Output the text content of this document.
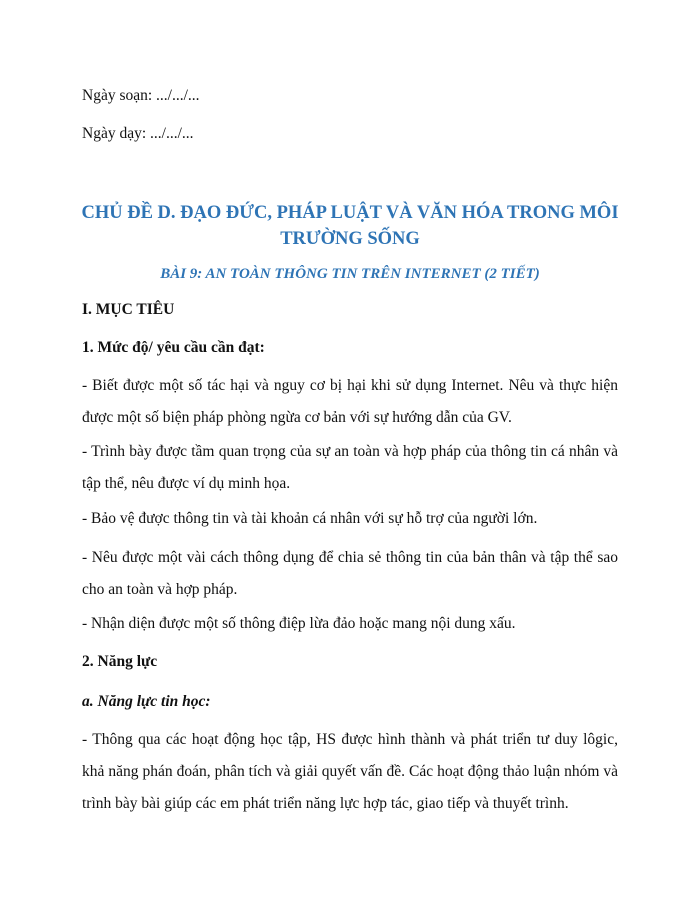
Ngày soạn: .../.../...
Ngày dạy: .../.../...
CHỦ ĐỀ D. ĐẠO ĐỨC, PHÁP LUẬT VÀ VĂN HÓA TRONG MÔI
TRƯỜNG SỐNG
BÀI 9: AN TOÀN THÔNG TIN TRÊN INTERNET (2 TIẾT)
I. MỤC TIÊU
1. Mức độ/ yêu cầu cần đạt:
- Biết được một số tác hại và nguy cơ bị hại khi sử dụng Internet. Nêu và thực hiện được một số biện pháp phòng ngừa cơ bản với sự hướng dẫn của GV.
- Trình bày được tầm quan trọng của sự an toàn và hợp pháp của thông tin cá nhân và tập thể, nêu được ví dụ minh họa.
- Bảo vệ được thông tin và tài khoản cá nhân với sự hỗ trợ của người lớn.
- Nêu được một vài cách thông dụng để chia sẻ thông tin của bản thân và tập thể sao cho an toàn và hợp pháp.
- Nhận diện được một số thông điệp lừa đảo hoặc mang nội dung xấu.
2. Năng lực
a. Năng lực tin học:
- Thông qua các hoạt động học tập, HS được hình thành và phát triển tư duy lôgic, khả năng phán đoán, phân tích và giải quyết vấn đề. Các hoạt động thảo luận nhóm và trình bày bài giúp các em phát triển năng lực hợp tác, giao tiếp và thuyết trình.
